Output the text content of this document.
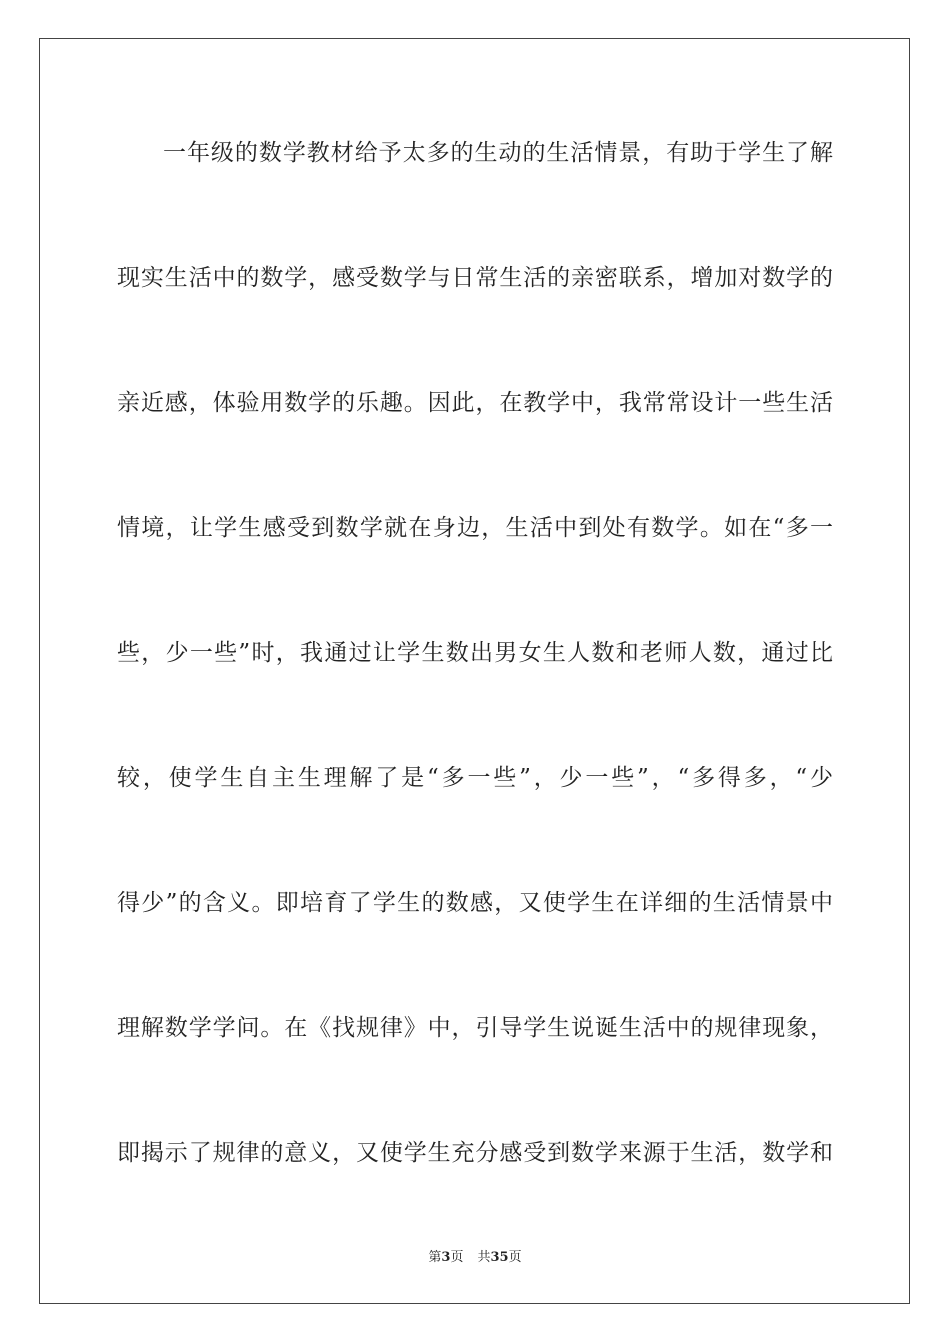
一年级的数学教材给予太多的生动的生活情景，有助于学生了解
现实生活中的数学，感受数学与日常生活的亲密联系，增加对数学的
亲近感，体验用数学的乐趣。因此，在教学中，我常常设计一些生活
情境，让学生感受到数学就在身边，生活中到处有数学。如在“多一
些，少一些”时，我通过让学生数出男女生人数和老师人数，通过比
较，使学生自主生理解了是“多一些”，少一些”，“多得多，“少
得少”的含义。即培育了学生的数感，又使学生在详细的生活情景中
理解数学学问。在《找规律》中，引导学生说诞生活中的规律现象，
即揭示了规律的意义，又使学生充分感受到数学来源于生活，数学和
第3页 共35页
